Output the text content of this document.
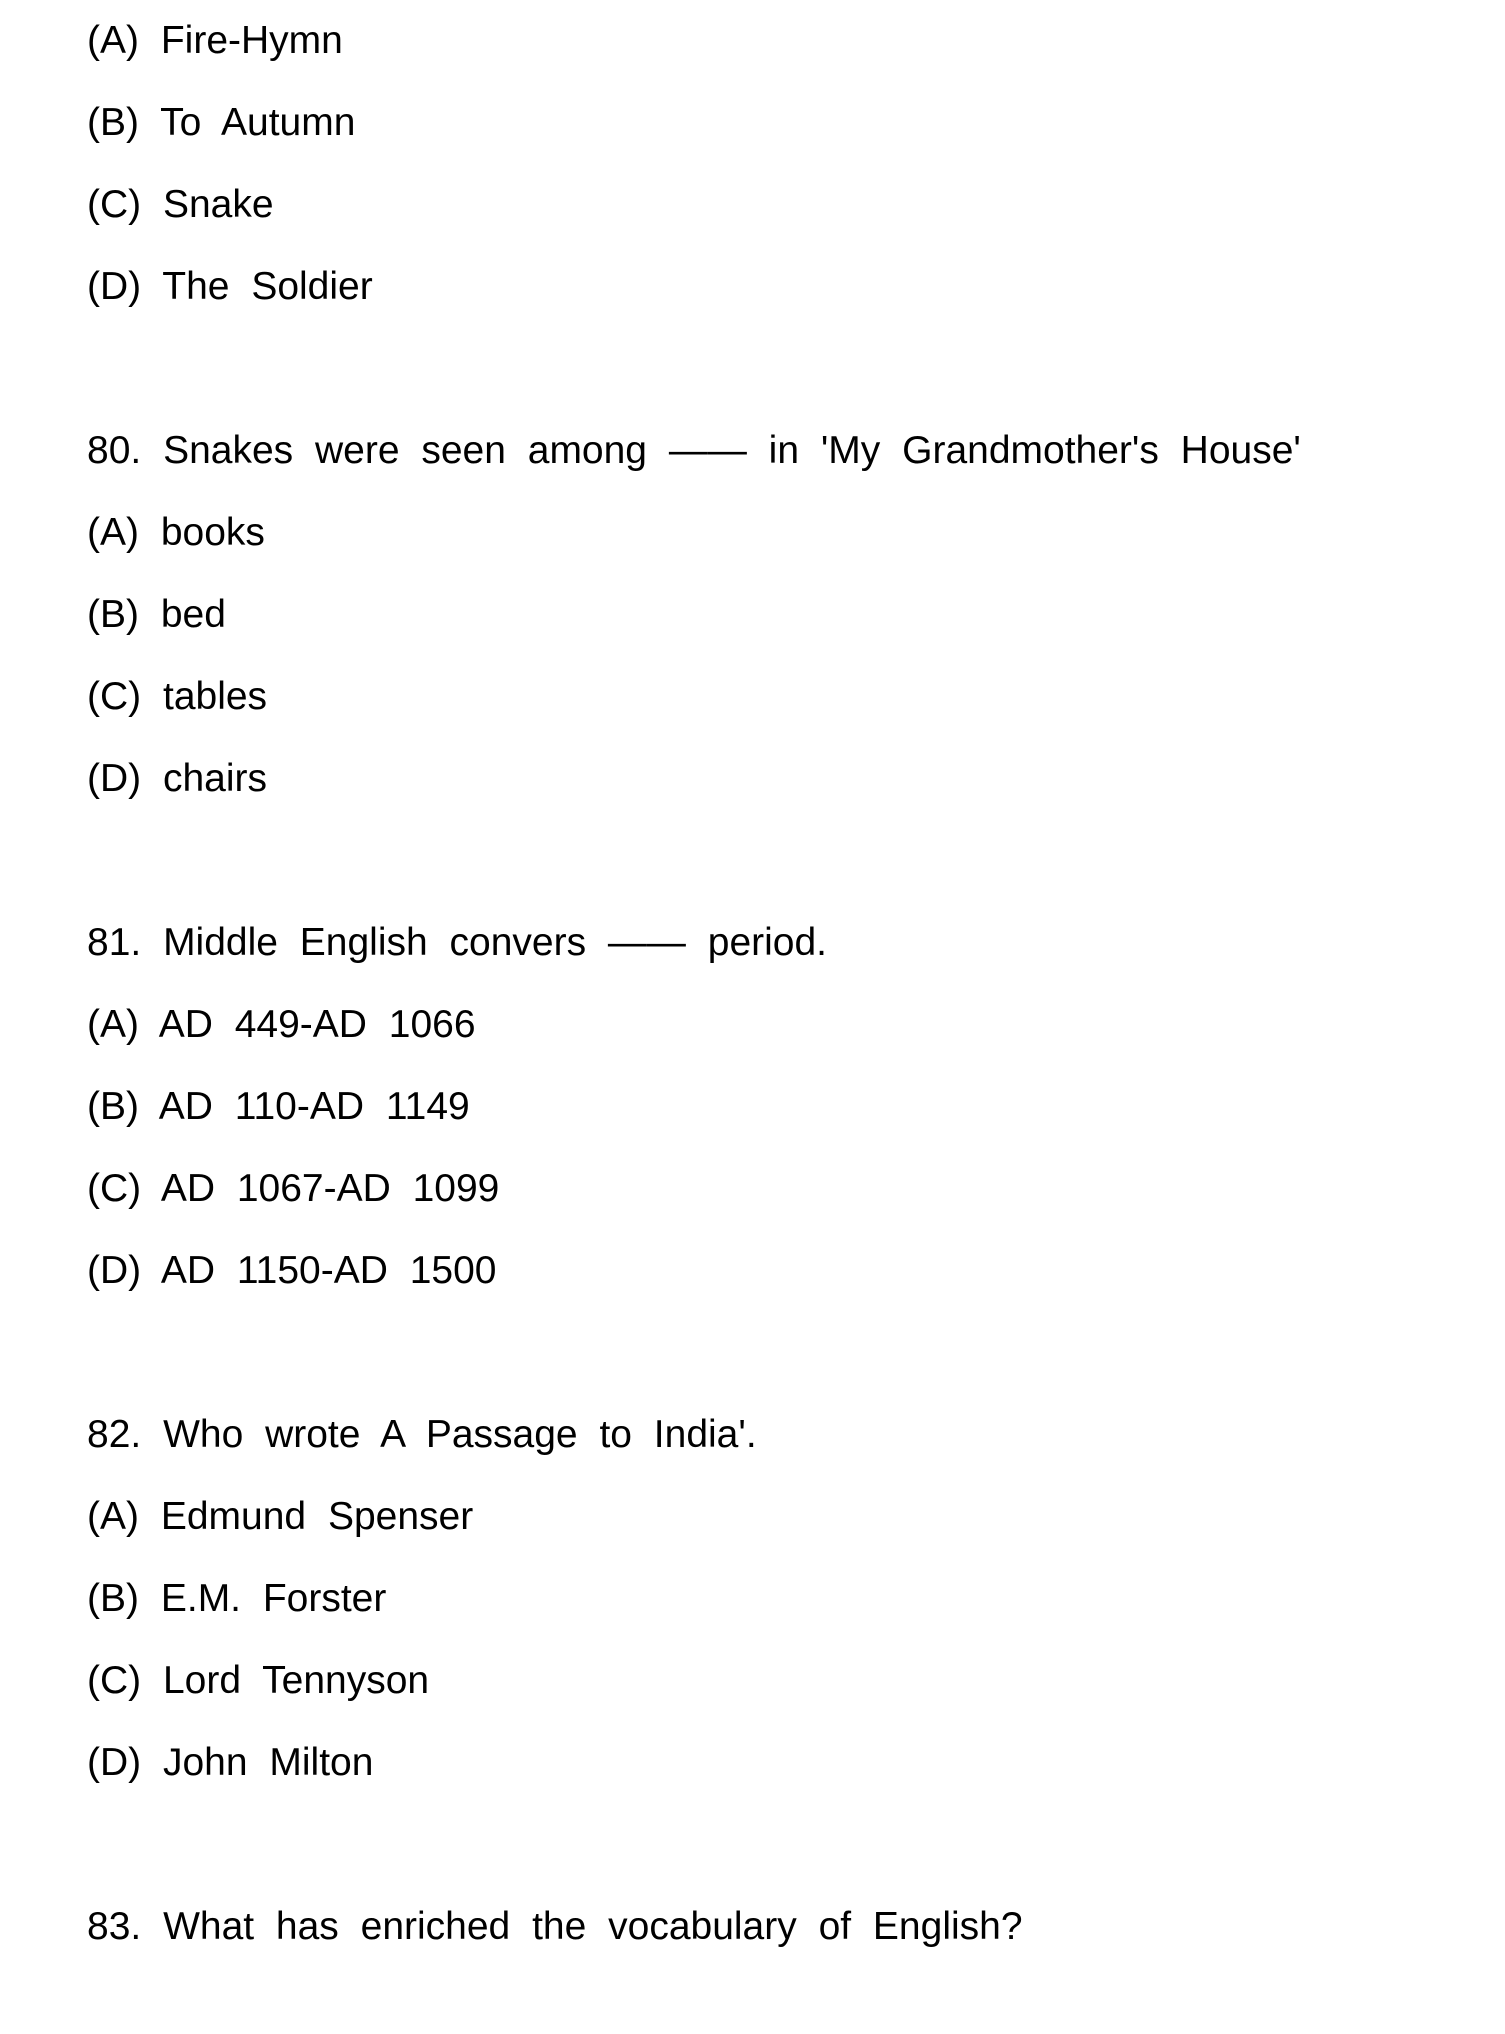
(A) Fire-Hymn
(B) To Autumn
(C) Snake
(D) The Soldier
80. Snakes were seen among —— in 'My Grandmother's House'
(A) books
(B) bed
(C) tables
(D) chairs
81. Middle English convers —— period.
(A) AD 449-AD 1066
(B) AD 110-AD 1149
(C) AD 1067-AD 1099
(D) AD 1150-AD 1500
82. Who wrote A Passage to India'.
(A) Edmund Spenser
(B) E.M. Forster
(C) Lord Tennyson
(D) John Milton
83. What has enriched the vocabulary of English?
